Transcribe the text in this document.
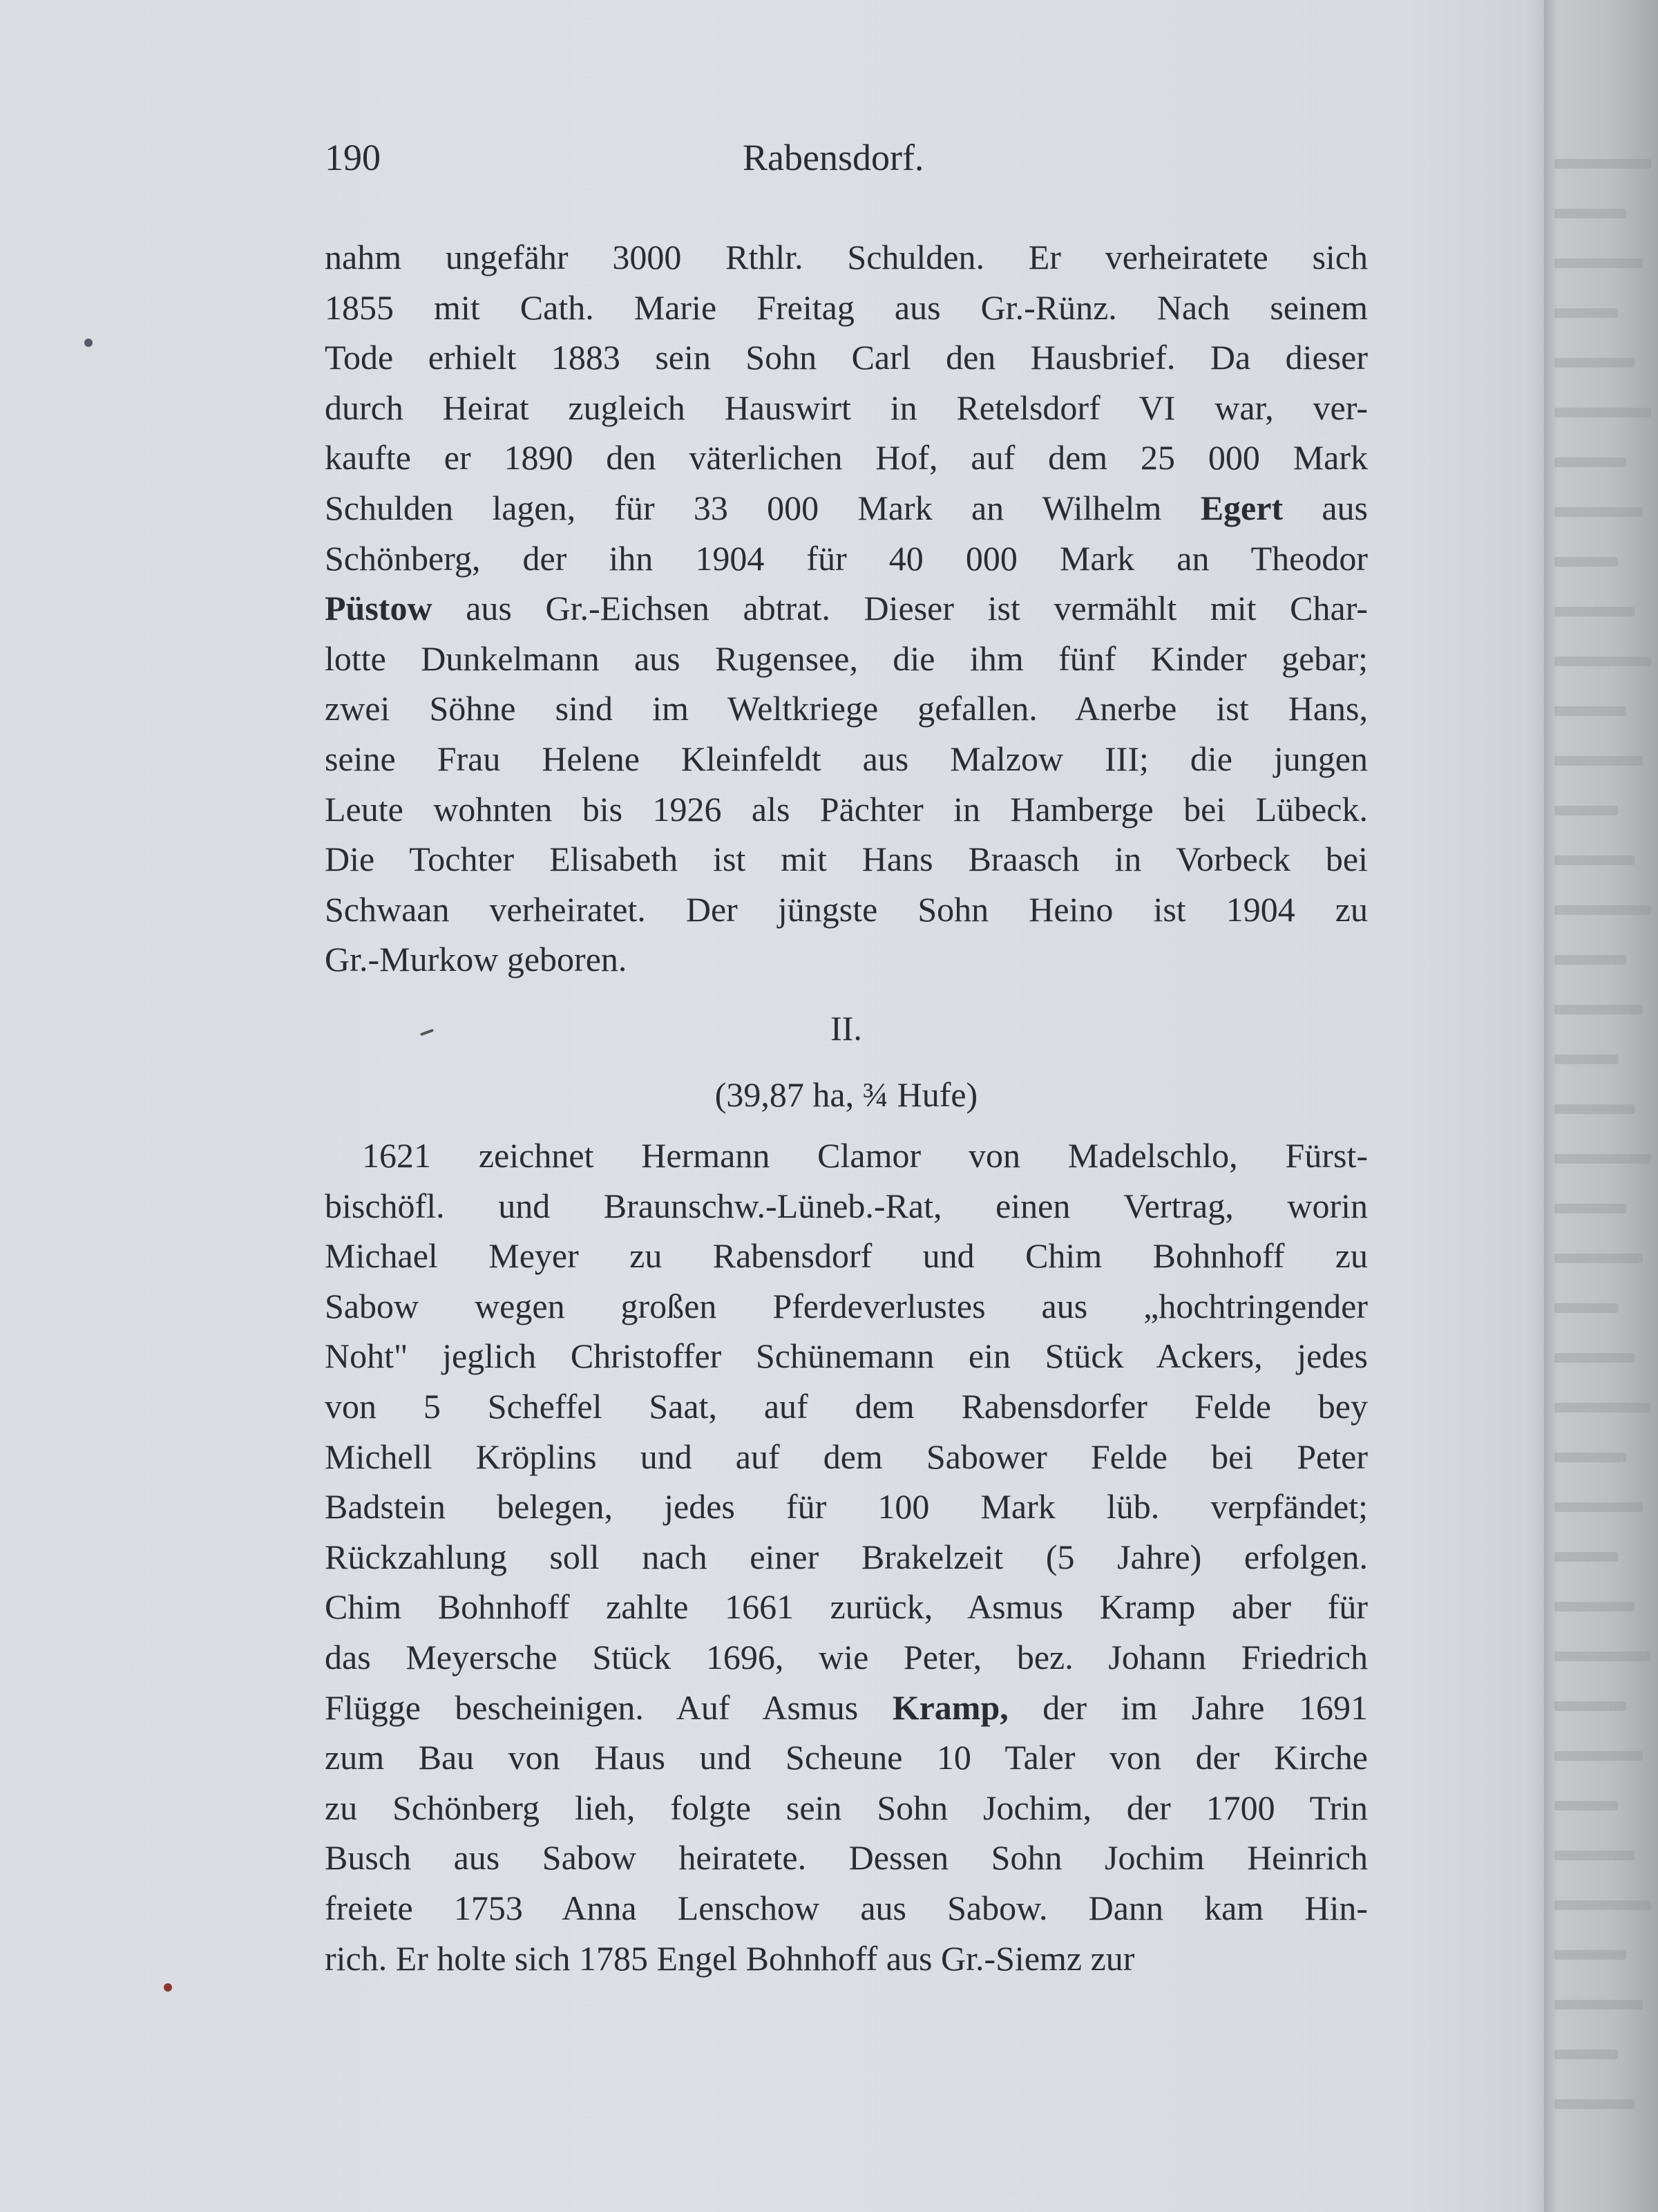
190	Rabensdorf.
nahm ungefähr 3000 Rthlr. Schulden. Er verheiratete sich
1855 mit Cath. Marie Freitag aus Gr.-Rünz. Nach seinem
Tode erhielt 1883 sein Sohn Carl den Hausbrief. Da dieser
durch Heirat zugleich Hauswirt in Retelsdorf VI war, ver-
kaufte er 1890 den väterlichen Hof, auf dem 25 000 Mark
Schulden lagen, für 33 000 Mark an Wilhelm Egert aus
Schönberg, der ihn 1904 für 40 000 Mark an Theodor
Püstow aus Gr.-Eichsen abtrat. Dieser ist vermählt mit Char-
lotte Dunkelmann aus Rugensee, die ihm fünf Kinder gebar;
zwei Söhne sind im Weltkriege gefallen. Anerbe ist Hans,
seine Frau Helene Kleinfeldt aus Malzow III; die jungen
Leute wohnten bis 1926 als Pächter in Hamberge bei Lübeck.
Die Tochter Elisabeth ist mit Hans Braasch in Vorbeck bei
Schwaan verheiratet. Der jüngste Sohn Heino ist 1904 zu
Gr.-Murkow geboren.
II.
(39,87 ha, ¾ Hufe)
1621 zeichnet Hermann Clamor von Madelschlo, Fürst-
bischöfl. und Braunschw.-Lüneb.-Rat, einen Vertrag, worin
Michael Meyer zu Rabensdorf und Chim Bohnhoff zu
Sabow wegen großen Pferdeverlustes aus „hochtringender
Noht" jeglich Christoffer Schünemann ein Stück Ackers, jedes
von 5 Scheffel Saat, auf dem Rabensdorfer Felde bey
Michell Kröplins und auf dem Sabower Felde bei Peter
Badstein belegen, jedes für 100 Mark lüb. verpfändet;
Rückzahlung soll nach einer Brakelzeit (5 Jahre) erfolgen.
Chim Bohnhoff zahlte 1661 zurück, Asmus Kramp aber für
das Meyersche Stück 1696, wie Peter, bez. Johann Friedrich
Flügge bescheinigen. Auf Asmus Kramp, der im Jahre 1691
zum Bau von Haus und Scheune 10 Taler von der Kirche
zu Schönberg lieh, folgte sein Sohn Jochim, der 1700 Trin
Busch aus Sabow heiratete. Dessen Sohn Jochim Heinrich
freiete 1753 Anna Lenschow aus Sabow. Dann kam Hin-
rich. Er holte sich 1785 Engel Bohnhoff aus Gr.-Siemz zur
